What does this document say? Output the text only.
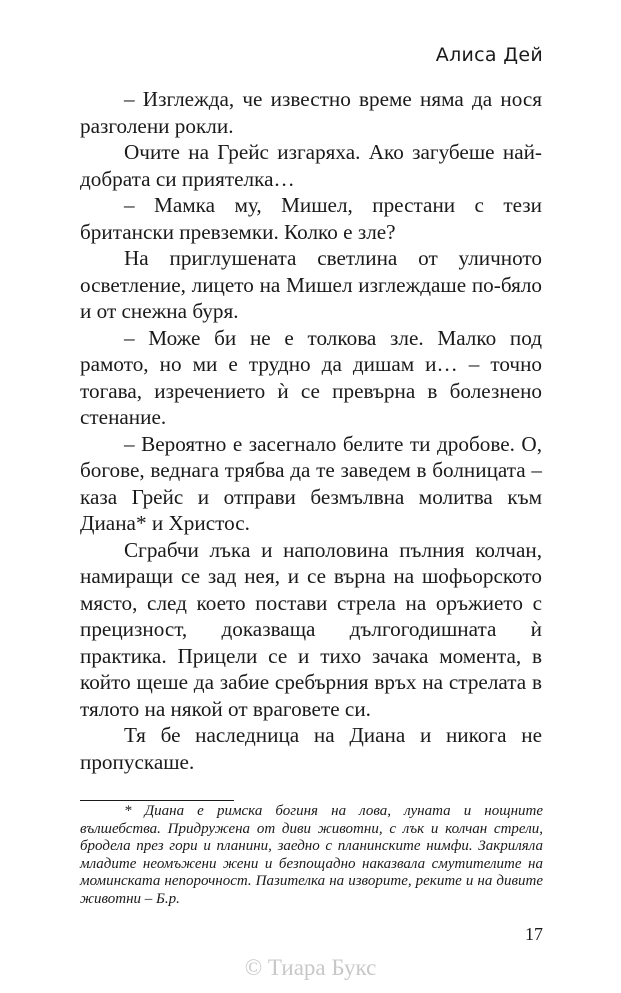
Алиса Дей

– Изглежда, че известно време няма да нося разголени рокли.

Очите на Грейс изгаряха. Ако загубеше най-добрата си приятелка…

– Мамка му, Мишел, престани с тези британски превземки. Колко е зле?

На приглушената светлина от уличното осветление, лицето на Мишел изглеждаше по-бяло и от снежна буря.

– Може би не е толкова зле. Малко под рамото, но ми е трудно да дишам и… – точно тогава, изречението ѝ се превърна в болезнено стенание.

– Вероятно е засегнало белите ти дробове. О, богове, веднага трябва да те заведем в болницата – каза Грейс и отправи безмълвна молитва към Диана* и Христос.

Сграбчи лъка и наполовина пълния колчан, намиращи се зад нея, и се върна на шофьорското място, след което постави стрела на оръжието с прецизност, доказваща дългогодишната ѝ практика. Прицели се и тихо зачака момента, в който щеше да забие сребърния връх на стрелата в тялото на някой от враговете си.

Тя бе наследница на Диана и никога не пропускаше.

* Диана е римска богиня на лова, луната и нощните вълшебства. Придружена от диви животни, с лък и колчан стрели, бродела през гори и планини, заедно с планинските нимфи. Закриляла младите неомъжени жени и безпощадно наказвала смутителите на моминската непорочност. Пазителка на изворите, реките и на дивите животни – Б.р.

17
© Тиара Букс
